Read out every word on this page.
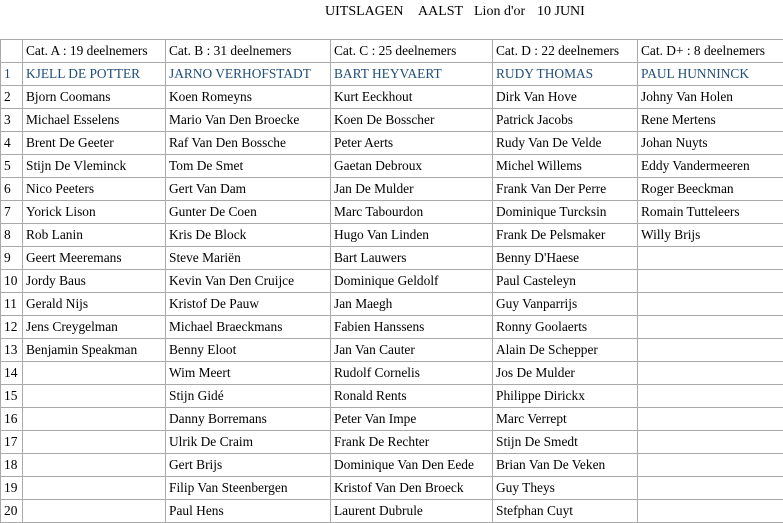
UITSLAGEN

AALST

Lion d'or

10 JUNI

	Cat. A : 19 deelnemers	Cat. B : 31 deelnemers	Cat. C : 25 deelnemers	Cat. D : 22 deelnemers	Cat. D+ : 8 deelnemers
1	KJELL DE POTTER	JARNO VERHOFSTADT	BART HEYVAERT	RUDY THOMAS	PAUL HUNNINCK
2	Bjorn Coomans	Koen Romeyns	Kurt Eeckhout	Dirk Van Hove	Johny Van Holen
3	Michael Esselens	Mario Van Den Broecke	Koen De Bosscher	Patrick Jacobs	Rene Mertens
4	Brent De Geeter	Raf Van Den Bossche	Peter Aerts	Rudy Van De Velde	Johan Nuyts
5	Stijn De Vleminck	Tom De Smet	Gaetan Debroux	Michel Willems	Eddy Vandermeeren
6	Nico Peeters	Gert Van Dam	Jan De Mulder	Frank Van Der Perre	Roger Beeckman
7	Yorick Lison	Gunter De Coen	Marc Tabourdon	Dominique Turcksin	Romain Tutteleers
8	Rob Lanin	Kris De Block	Hugo Van Linden	Frank De Pelsmaker	Willy Brijs
9	Geert Meeremans	Steve Mariën	Bart Lauwers	Benny D'Haese	
10	Jordy Baus	Kevin Van Den Cruijce	Dominique Geldolf	Paul Casteleyn	
11	Gerald Nijs	Kristof De Pauw	Jan Maegh	Guy Vanparrijs	
12	Jens Creygelman	Michael Braeckmans	Fabien Hanssens	Ronny Goolaerts	
13	Benjamin Speakman	Benny Eloot	Jan Van Cauter	Alain De Schepper	
14		Wim Meert	Rudolf Cornelis	Jos De Mulder	
15		Stijn Gidé	Ronald Rents	Philippe Dirickx	
16		Danny Borremans	Peter Van Impe	Marc Verrept	
17		Ulrik De Craim	Frank De Rechter	Stijn De Smedt	
18		Gert Brijs	Dominique Van Den Eede	Brian Van De Veken	
19		Filip Van Steenbergen	Kristof Van Den Broeck	Guy Theys	
20		Paul Hens	Laurent Dubrule	Stefphan Cuyt	
